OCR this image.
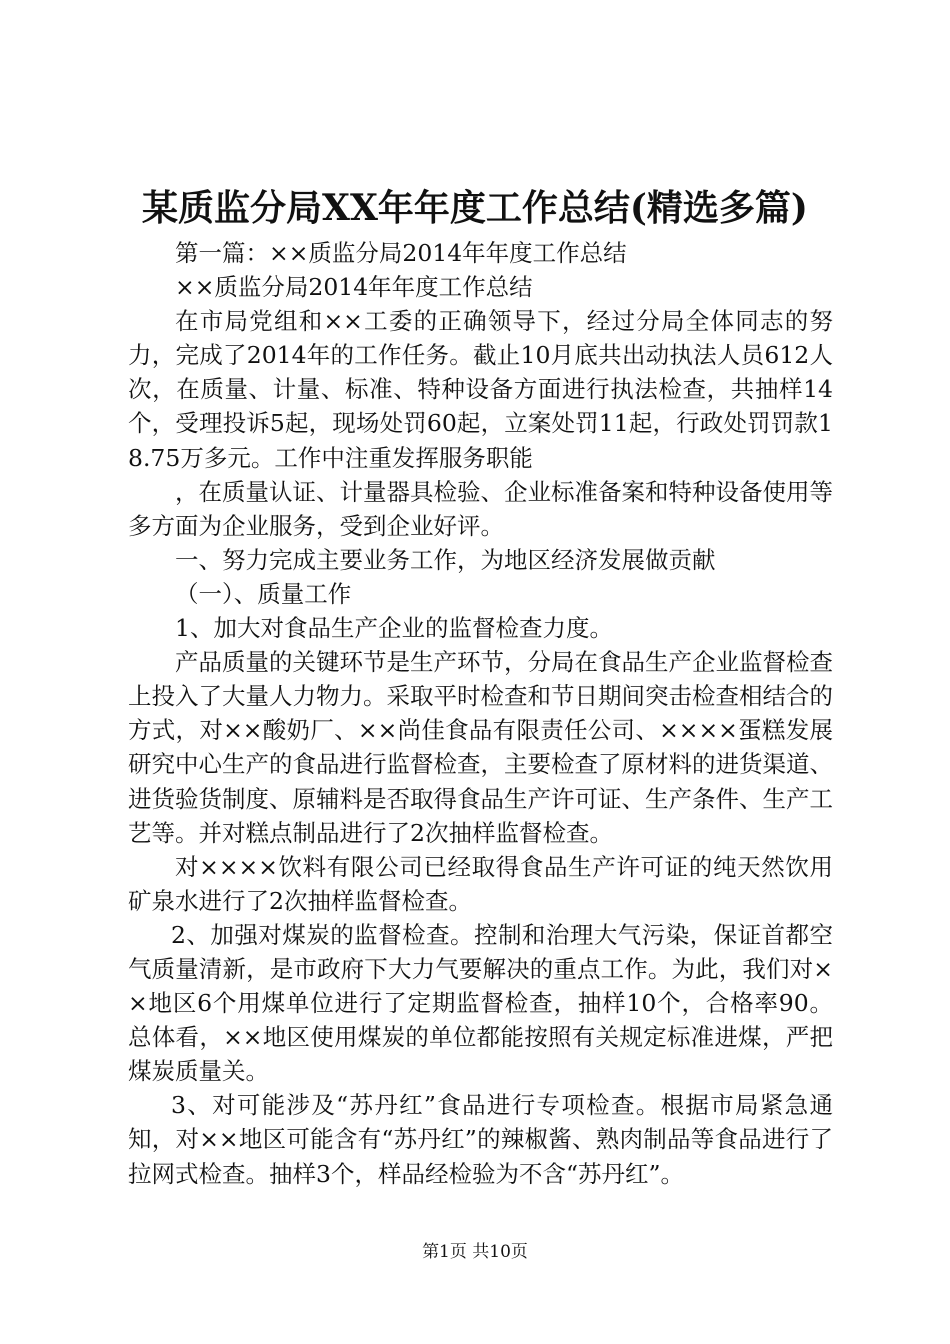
某质监分局XX年年度工作总结(精选多篇)

第一篇：××质监分局2014年年度工作总结

××质监分局2014年年度工作总结

在市局党组和××工委的正确领导下，经过分局全体同志的努力，完成了2014年的工作任务。截止10月底共出动执法人员612人次，在质量、计量、标准、特种设备方面进行执法检查，共抽样14个，受理投诉5起，现场处罚60起，立案处罚11起，行政处罚罚款18.75万多元。工作中注重发挥服务职能

，在质量认证、计量器具检验、企业标准备案和特种设备使用等多方面为企业服务，受到企业好评。

一、努力完成主要业务工作，为地区经济发展做贡献

（一）、质量工作

1、加大对食品生产企业的监督检查力度。

产品质量的关键环节是生产环节，分局在食品生产企业监督检查上投入了大量人力物力。采取平时检查和节日期间突击检查相结合的方式，对××酸奶厂、××尚佳食品有限责任公司、××××蛋糕发展研究中心生产的食品进行监督检查，主要检查了原材料的进货渠道、进货验货制度、原辅料是否取得食品生产许可证、生产条件、生产工艺等。并对糕点制品进行了2次抽样监督检查。

对××××饮料有限公司已经取得食品生产许可证的纯天然饮用矿泉水进行了2次抽样监督检查。

2、加强对煤炭的监督检查。控制和治理大气污染，保证首都空气质量清新，是市政府下大力气要解决的重点工作。为此，我们对××地区6个用煤单位进行了定期监督检查，抽样10个，合格率90。总体看，××地区使用煤炭的单位都能按照有关规定标准进煤，严把煤炭质量关。

3、对可能涉及“苏丹红”食品进行专项检查。根据市局紧急通知，对××地区可能含有“苏丹红”的辣椒酱、熟肉制品等食品进行了拉网式检查。抽样3个，样品经检验为不含“苏丹红”。

第1页 共10页
